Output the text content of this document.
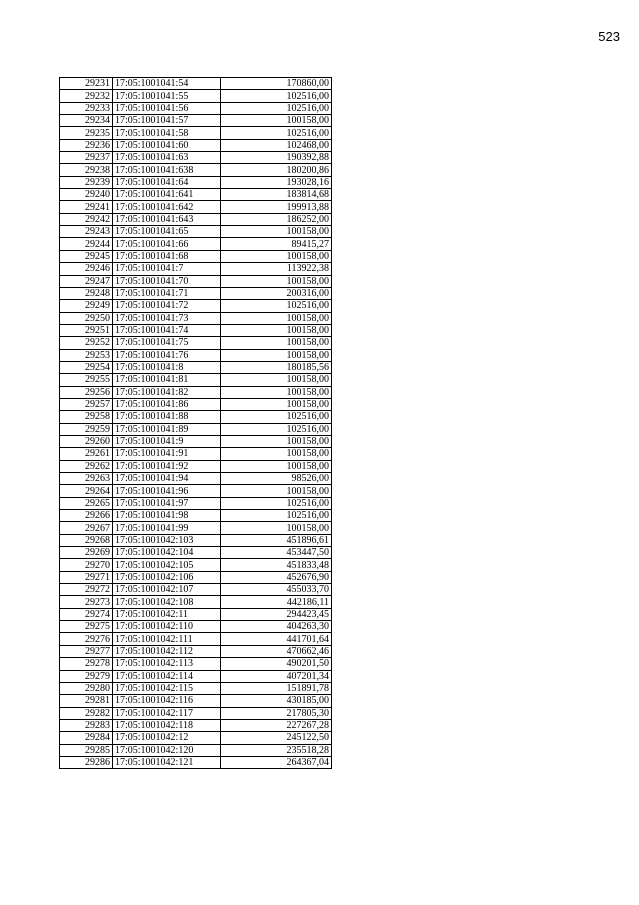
523
29231	17:05:1001041:54	170860,00
29232	17:05:1001041:55	102516,00
29233	17:05:1001041:56	102516,00
29234	17:05:1001041:57	100158,00
29235	17:05:1001041:58	102516,00
29236	17:05:1001041:60	102468,00
29237	17:05:1001041:63	190392,88
29238	17:05:1001041:638	180200,86
29239	17:05:1001041:64	193028,16
29240	17:05:1001041:641	183814,68
29241	17:05:1001041:642	199913,88
29242	17:05:1001041:643	186252,00
29243	17:05:1001041:65	100158,00
29244	17:05:1001041:66	89415,27
29245	17:05:1001041:68	100158,00
29246	17:05:1001041:7	113922,38
29247	17:05:1001041:70	100158,00
29248	17:05:1001041:71	200316,00
29249	17:05:1001041:72	102516,00
29250	17:05:1001041:73	100158,00
29251	17:05:1001041:74	100158,00
29252	17:05:1001041:75	100158,00
29253	17:05:1001041:76	100158,00
29254	17:05:1001041:8	180185,56
29255	17:05:1001041:81	100158,00
29256	17:05:1001041:82	100158,00
29257	17:05:1001041:86	100158,00
29258	17:05:1001041:88	102516,00
29259	17:05:1001041:89	102516,00
29260	17:05:1001041:9	100158,00
29261	17:05:1001041:91	100158,00
29262	17:05:1001041:92	100158,00
29263	17:05:1001041:94	98526,00
29264	17:05:1001041:96	100158,00
29265	17:05:1001041:97	102516,00
29266	17:05:1001041:98	102516,00
29267	17:05:1001041:99	100158,00
29268	17:05:1001042:103	451896,61
29269	17:05:1001042:104	453447,50
29270	17:05:1001042:105	451833,48
29271	17:05:1001042:106	452676,90
29272	17:05:1001042:107	455033,70
29273	17:05:1001042:108	442186,11
29274	17:05:1001042:11	294423,45
29275	17:05:1001042:110	404263,30
29276	17:05:1001042:111	441701,64
29277	17:05:1001042:112	470662,46
29278	17:05:1001042:113	490201,50
29279	17:05:1001042:114	407201,34
29280	17:05:1001042:115	151891,78
29281	17:05:1001042:116	430185,00
29282	17:05:1001042:117	217805,30
29283	17:05:1001042:118	227267,28
29284	17:05:1001042:12	245122,50
29285	17:05:1001042:120	235518,28
29286	17:05:1001042:121	264367,04
